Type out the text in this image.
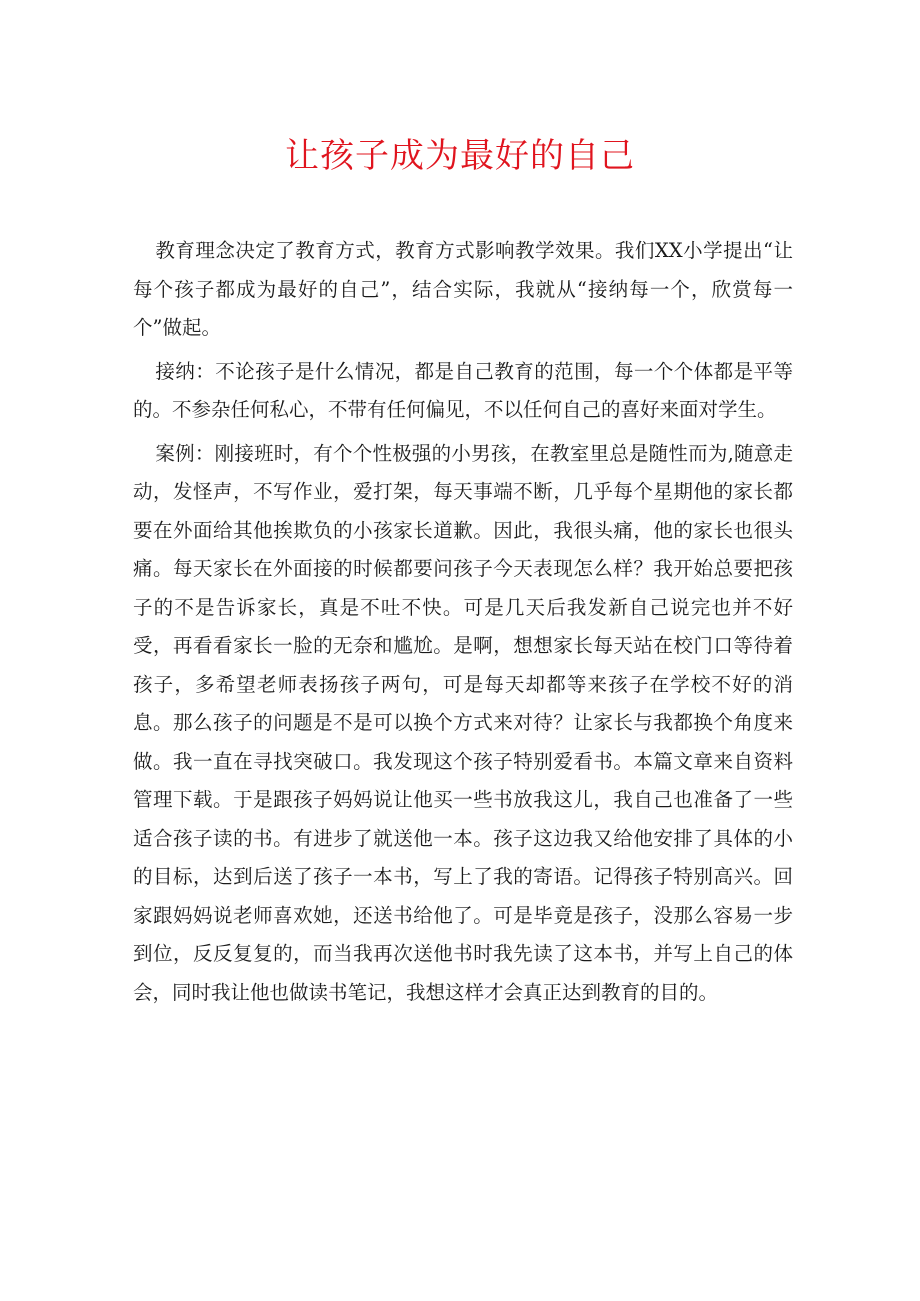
让孩子成为最好的自己

教育理念决定了教育方式，教育方式影响教学效果。我们XX小学提出“让每个孩子都成为最好的自己”，结合实际，我就从“接纳每一个，欣赏每一个”做起。

接纳：不论孩子是什么情况，都是自己教育的范围，每一个个体都是平等的。不参杂任何私心，不带有任何偏见，不以任何自己的喜好来面对学生。

案例：刚接班时，有个个性极强的小男孩，在教室里总是随性而为,随意走动，发怪声，不写作业，爱打架，每天事端不断，几乎每个星期他的家长都要在外面给其他挨欺负的小孩家长道歉。因此，我很头痛，他的家长也很头痛。每天家长在外面接的时候都要问孩子今天表现怎么样？我开始总要把孩子的不是告诉家长，真是不吐不快。可是几天后我发新自己说完也并不好受，再看看家长一脸的无奈和尴尬。是啊，想想家长每天站在校门口等待着孩子，多希望老师表扬孩子两句，可是每天却都等来孩子在学校不好的消息。那么孩子的问题是不是可以换个方式来对待？让家长与我都换个角度来做。我一直在寻找突破口。我发现这个孩子特别爱看书。本篇文章来自资料管理下载。于是跟孩子妈妈说让他买一些书放我这儿，我自己也准备了一些适合孩子读的书。有进步了就送他一本。孩子这边我又给他安排了具体的小的目标，达到后送了孩子一本书，写上了我的寄语。记得孩子特别高兴。回家跟妈妈说老师喜欢她，还送书给他了。可是毕竟是孩子，没那么容易一步到位，反反复复的，而当我再次送他书时我先读了这本书，并写上自己的体会，同时我让他也做读书笔记，我想这样才会真正达到教育的目的。
